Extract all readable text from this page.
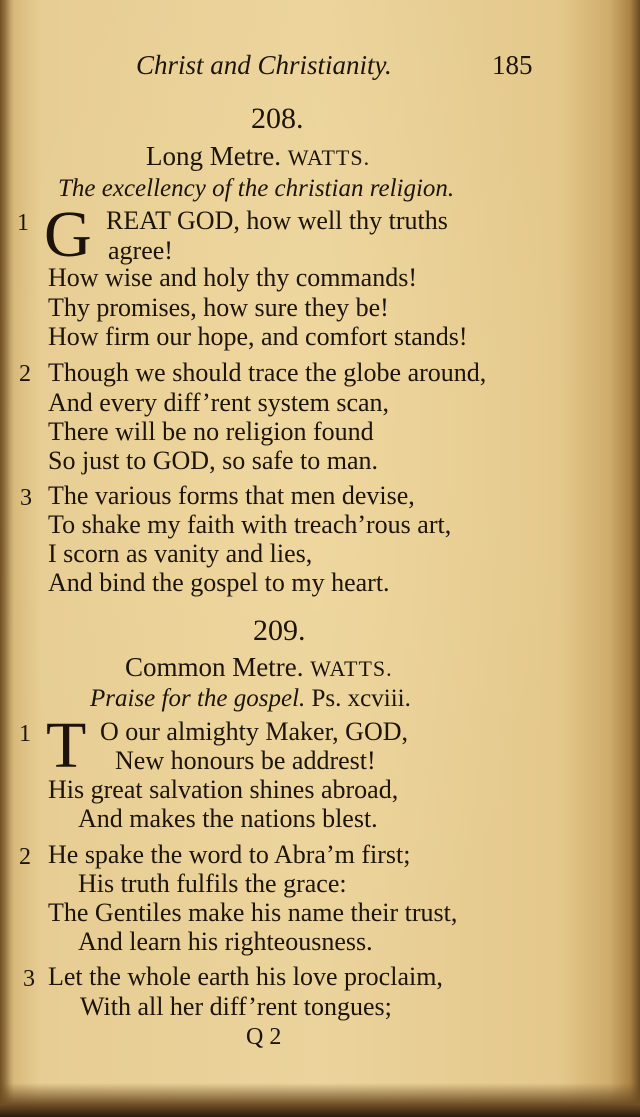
Christ and Christianity.	185
208.
Long Metre. WATTS.
The excellency of the christian religion.
1 G REAT GOD, how well thy truths
agree!
How wise and holy thy commands!
Thy promises, how sure they be!
How firm our hope, and comfort stands!
2 Though we should trace the globe around,
And every diff’rent system scan,
There will be no religion found
So just to GOD, so safe to man.
3 The various forms that men devise,
To shake my faith with treach’rous art,
I scorn as vanity and lies,
And bind the gospel to my heart.
209.
Common Metre. WATTS.
Praise for the gospel. Ps. xcviii.
1 T O our almighty Maker, GOD,
New honours be addrest!
His great salvation shines abroad,
And makes the nations blest.
2 He spake the word to Abra’m first;
His truth fulfils the grace:
The Gentiles make his name their trust,
And learn his righteousness.
3 Let the whole earth his love proclaim,
With all her diff’rent tongues;
Q 2
